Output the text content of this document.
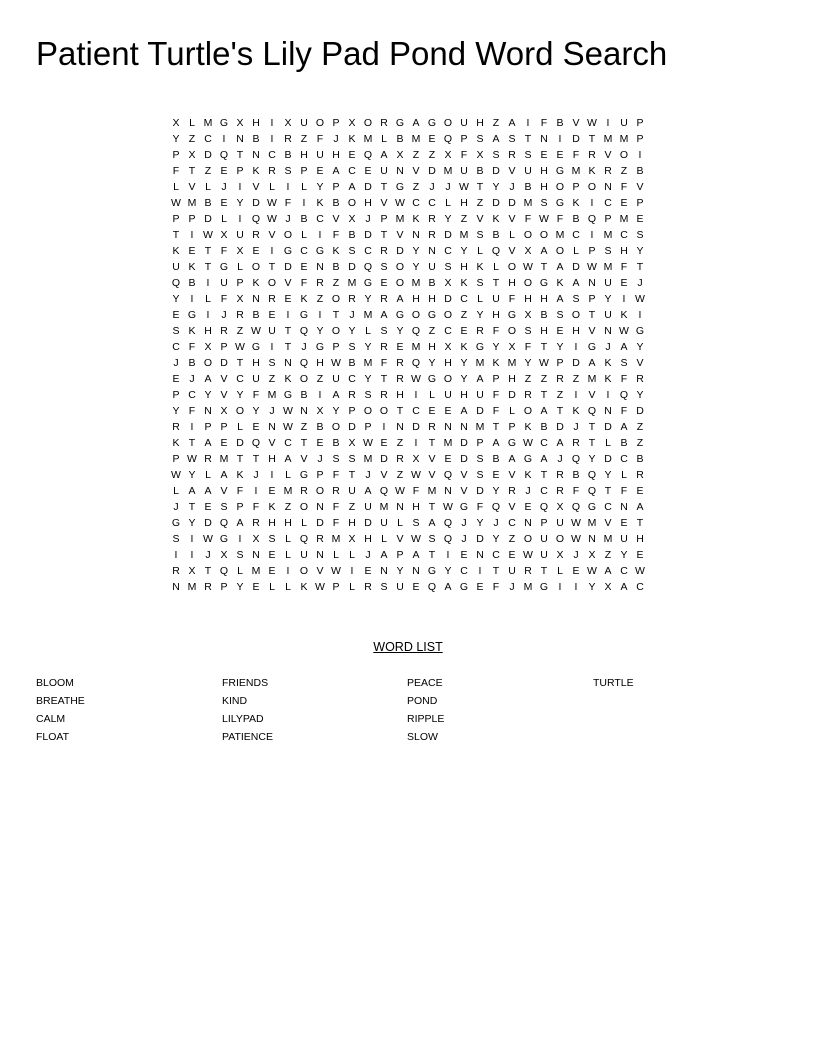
Patient Turtle's Lily Pad Pond Word Search
X L M G X H	I	X U O P X O R G A G O U H Z A	I	F B V W I	U P
Y Z C	I	N B	I	R Z F J K M L B M E Q P S A S T N	I	D T M M P
P X D Q T N C B H U H E Q A X Z Z X F X S R S E E F R V O I
F T Z E P K R S P E A C E U N V D M U B D V U H G M K R Z B
L V L J	I	V L	I	L Y P A D T G Z J	J W T Y J B H O P O N F V
W M B E Y D W F	I	K B O H V W C C L H Z D D M S G K	I	C E P
P P D L	I Q W J B C V X J P M K R Y Z V K V F W F B Q P M E
T	I W X U R V O L	I	F B D T V N R D M S B L O O M C	I M C S
K E T F X E	I G C G K S C R D Y N C Y L Q V X A O L P S H Y
U K T G L O T D E N B D Q S O Y U S H K L O W T A D W M F T
Q B	I	U P K O V F R Z M G E O M B X K S T H O G K A N U E J
Y	I	L F X N R E K Z O R Y R A H H D C L U F H H A S P Y	I W
E G I	J R B E	I G I	T J M A G O G O Z Y H G X B S O T U K	I
S K H R Z W U T Q Y O Y L S Y Q Z C E R F O S H E H V N W G
C F X P W G I	T J G P S Y R E M H X K G Y X F T Y	I G J A Y
J B O D T H S N Q H W B M F R Q Y H Y M K M Y W P D A K S V
E J A V C U Z K O Z U C Y T R W G O Y A P H Z Z R Z M K F R
P C Y V Y F M G B	I	A R S R H	I	L U H U F D R T Z	I	V	I Q Y
Y F N X O Y J W N X Y P O O T C E E A D F L O A T K Q N F D
R	I	P P L E N W Z B O D P	I	N D R N N M T P K B D J T D A Z
K T A E D Q V C T E B X W E Z	I	T M D P A G W C A R T L B Z
P W R M T T H A V J S S M D R X V E D S B A G A J Q Y D C B
W Y L A K J	I	L G P F T J V Z W V Q V S E V K T R B Q Y L R
L A A V F	I	E M R O R U A Q W F M N V D Y R J C R F Q T F E
J T E S P F K Z O N F Z U M N H T W G F Q V E Q X Q G C N A
G Y D Q A R H H L D F H D U L S A Q J Y J C N P U W M V E T
S	I W G I	X S L Q R M X H L V W S Q J D Y Z O U O W N M U H
I	I	J X S N E L U N L L J A P A T	I	E N C E W U X J X Z Y E
R X T Q L M E	I O V W I	E N Y N G Y C	I	T U R T L E W A C W
N M R P Y E L L K W P L R S U E Q A G E F J M G I	I	Y X A C
WORD LIST
BLOOM
BREATHE
CALM
FLOAT
FRIENDS
KIND
LILYPAD
PATIENCE
PEACE
POND
RIPPLE
SLOW
TURTLE
